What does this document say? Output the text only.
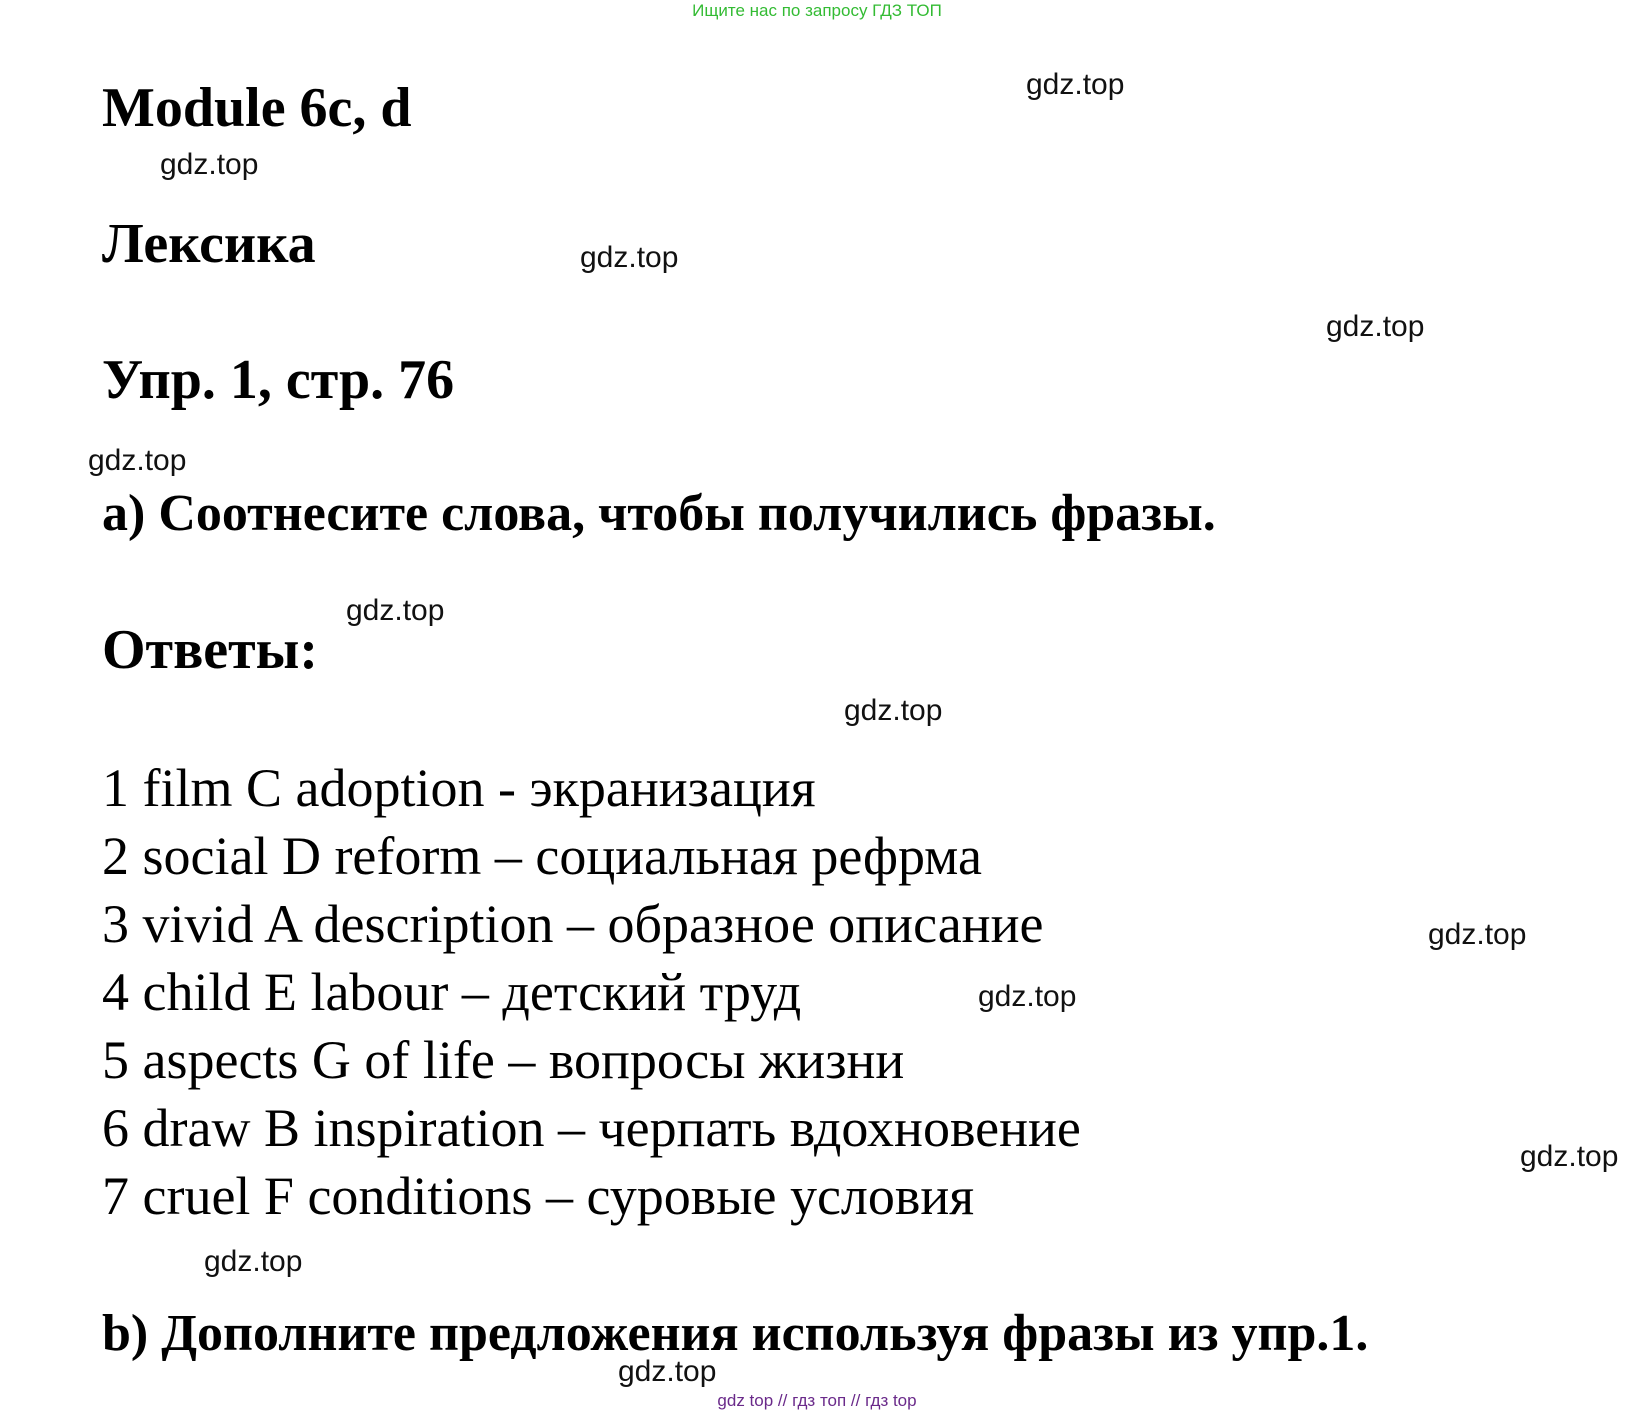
Ищите нас по запросу ГДЗ ТОП
Module 6c, d
Лексика
Упр. 1, стр. 76
a) Соотнесите слова, чтобы получились фразы.
Ответы:
1 film C adoption - экранизация
2 social D reform – социальная рефрма
3 vivid A description – образное описание
4 child E labour – детский труд
5 aspects G of life – вопросы жизни
6 draw B inspiration – черпать вдохновение
7 cruel F conditions – суровые условия
b) Дополните предложения используя фразы из упр.1.
gdz.top
gdz.top
gdz.top
gdz.top
gdz.top
gdz.top
gdz.top
gdz.top
gdz.top
gdz.top
gdz.top
gdz.top
gdz top // гдз топ // гдз top
